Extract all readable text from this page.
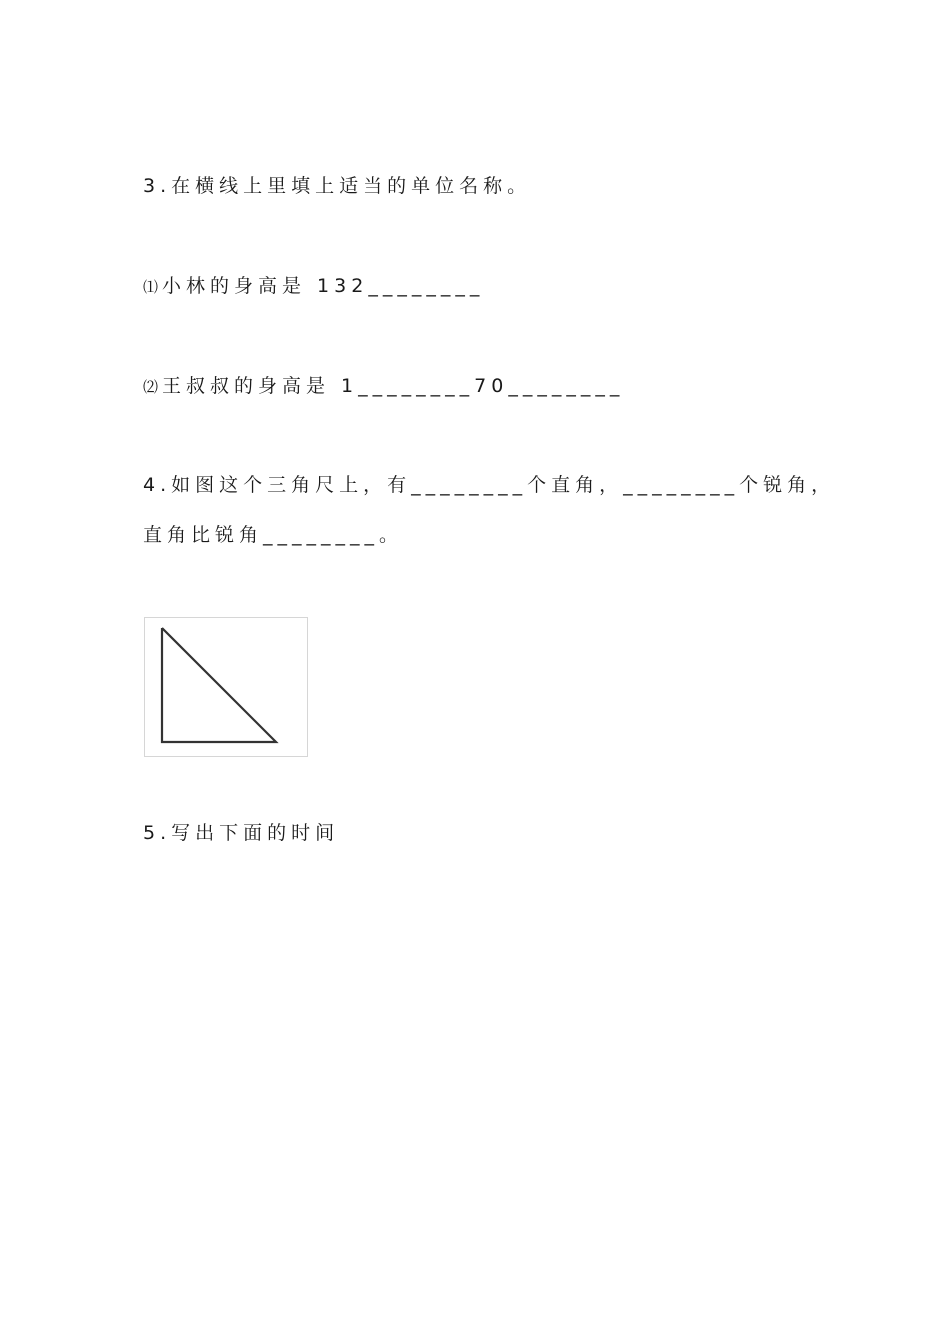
3.在横线上里填上适当的单位名称。
⑴ 小林的身高是 132________
⑵ 王叔叔的身高是 1________70________
4.如图这个三角尺上，有________个直角，________个锐角，
直角比锐角________。
5.写出下面的时间
